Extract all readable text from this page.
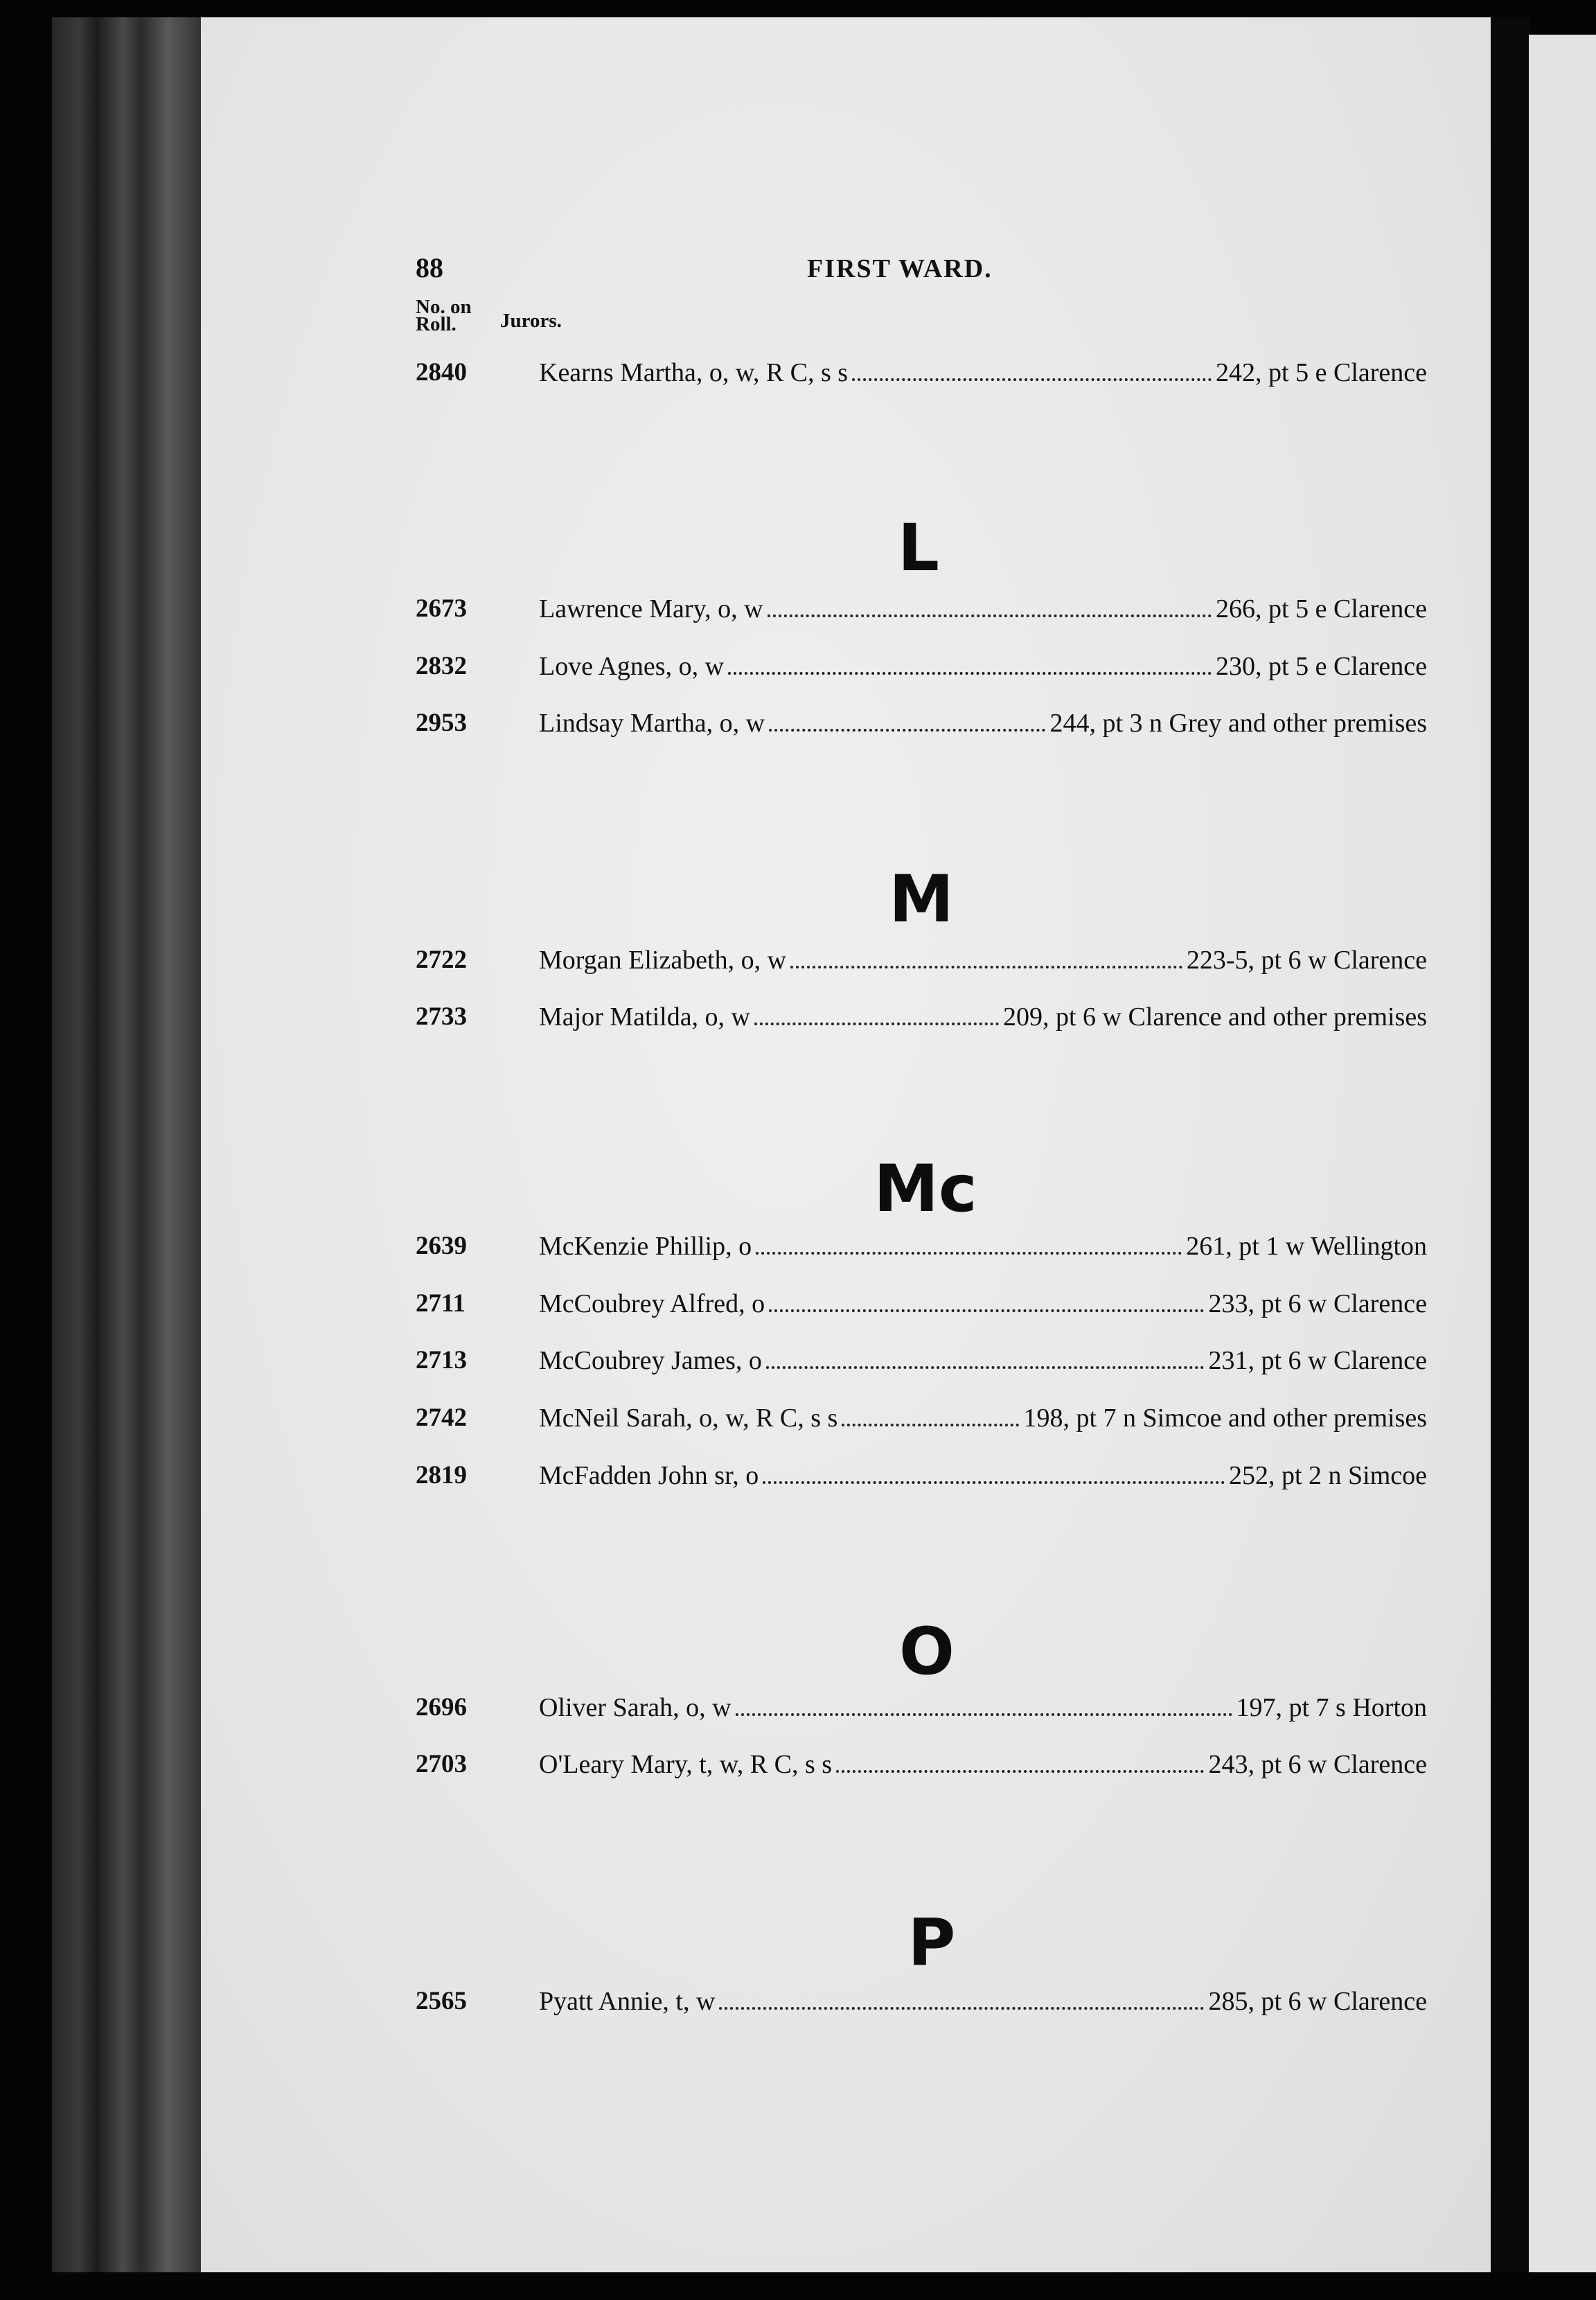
88	FIRST WARD.
No. on Roll.	Jurors.
2840	Kearns Martha, o, w, R C, s s	242, pt 5 e Clarence
L
2673	Lawrence Mary, o, w	266, pt 5 e Clarence
2832	Love Agnes, o, w	230, pt 5 e Clarence
2953	Lindsay Martha, o, w	244, pt 3 n Grey and other premises
M
2722	Morgan Elizabeth, o, w	223-5, pt 6 w Clarence
2733	Major Matilda, o, w	209, pt 6 w Clarence and other premises
Mc
2639	McKenzie Phillip, o	261, pt 1 w Wellington
2711	McCoubrey Alfred, o	233, pt 6 w Clarence
2713	McCoubrey James, o	231, pt 6 w Clarence
2742	McNeil Sarah, o, w, R C, s s	198, pt 7 n Simcoe and other premises
2819	McFadden John sr, o	252, pt 2 n Simcoe
O
2696	Oliver Sarah, o, w	197, pt 7 s Horton
2703	O'Leary Mary, t, w, R C, s s	243, pt 6 w Clarence
P
2565	Pyatt Annie, t, w	285, pt 6 w Clarence
